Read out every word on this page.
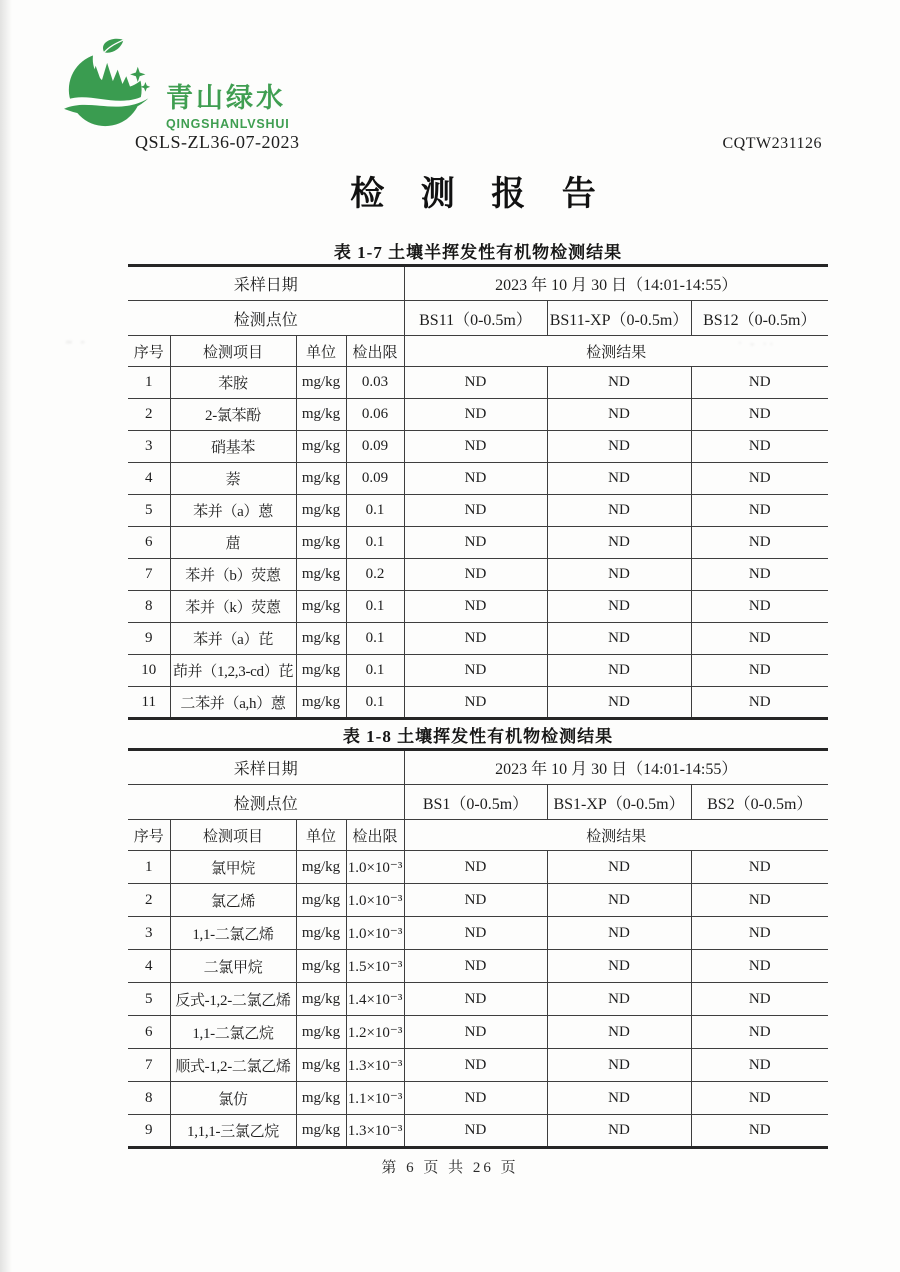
青山绿水
QINGSHANLVSHUI
QSLS-ZL36-07-2023	CQTW231126
检 测 报 告
~ -	· - ··
表 1-7 土壤半挥发性有机物检测结果
采样日期				2023 年 10 月 30 日（14:01-14:55）		
检测点位				BS11（0-0.5m）	BS11-XP（0-0.5m）	BS12（0-0.5m）
序号	检测项目	单位	检出限	检测结果		
1	苯胺	mg/kg	0.03	ND	ND	ND
2	2-氯苯酚	mg/kg	0.06	ND	ND	ND
3	硝基苯	mg/kg	0.09	ND	ND	ND
4	萘	mg/kg	0.09	ND	ND	ND
5	苯并（a）蒽	mg/kg	0.1	ND	ND	ND
6	䓛	mg/kg	0.1	ND	ND	ND
7	苯并（b）荧蒽	mg/kg	0.2	ND	ND	ND
8	苯并（k）荧蒽	mg/kg	0.1	ND	ND	ND
9	苯并（a）芘	mg/kg	0.1	ND	ND	ND
10	茚并（1,2,3-cd）芘	mg/kg	0.1	ND	ND	ND
11	二苯并（a,h）蒽	mg/kg	0.1	ND	ND	ND
表 1-8 土壤挥发性有机物检测结果
采样日期				2023 年 10 月 30 日（14:01-14:55）		
检测点位				BS1（0-0.5m）	BS1-XP（0-0.5m）	BS2（0-0.5m）
序号	检测项目	单位	检出限	检测结果		
1	氯甲烷	mg/kg	1.0×10⁻³	ND	ND	ND
2	氯乙烯	mg/kg	1.0×10⁻³	ND	ND	ND
3	1,1-二氯乙烯	mg/kg	1.0×10⁻³	ND	ND	ND
4	二氯甲烷	mg/kg	1.5×10⁻³	ND	ND	ND
5	反式-1,2-二氯乙烯	mg/kg	1.4×10⁻³	ND	ND	ND
6	1,1-二氯乙烷	mg/kg	1.2×10⁻³	ND	ND	ND
7	顺式-1,2-二氯乙烯	mg/kg	1.3×10⁻³	ND	ND	ND
8	氯仿	mg/kg	1.1×10⁻³	ND	ND	ND
9	1,1,1-三氯乙烷	mg/kg	1.3×10⁻³	ND	ND	ND
第 6 页 共 26 页
